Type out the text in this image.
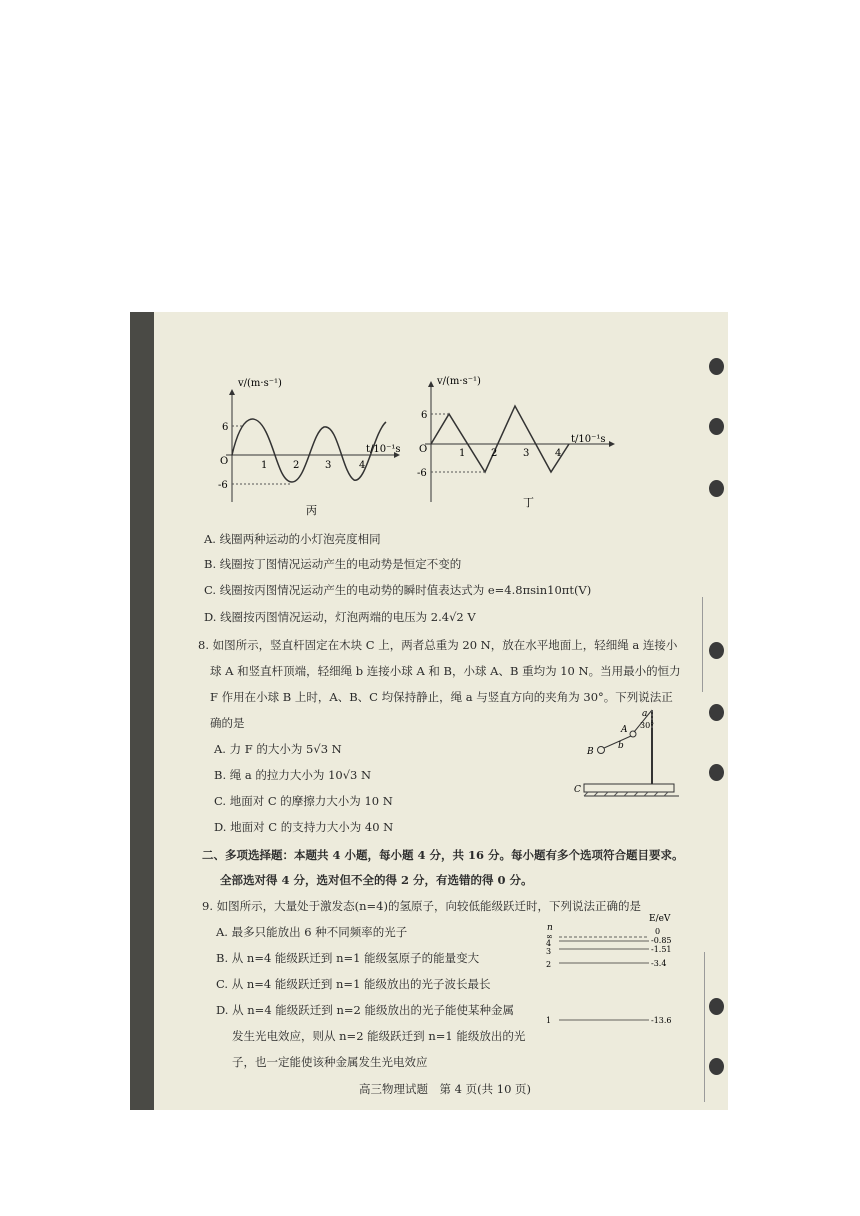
v/(m·s⁻¹)
t/10⁻¹s
O
6
-6
1	2	3	4
丙
v/(m·s⁻¹)
t/10⁻¹s
O
6
-6
1	2	3	4
丁
A. 线圈两种运动的小灯泡亮度相同
B. 线圈按丁图情况运动产生的电动势是恒定不变的
C. 线圈按丙图情况运动产生的电动势的瞬时值表达式为 e=4.8πsin10πt(V)
D. 线圈按丙图情况运动，灯泡两端的电压为 2.4√2 V
8. 如图所示，竖直杆固定在木块 C 上，两者总重为 20 N，放在水平地面上，轻细绳 a 连接小
球 A 和竖直杆顶端，轻细绳 b 连接小球 A 和 B，小球 A、B 重均为 10 N。当用最小的恒力
F 作用在小球 B 上时，A、B、C 均保持静止，绳 a 与竖直方向的夹角为 30°。下列说法正
确的是
A. 力 F 的大小为 5√3 N
B. 绳 a 的拉力大小为 10√3 N
C. 地面对 C 的摩擦力大小为 10 N
D. 地面对 C 的支持力大小为 40 N
a
A 30°
b
B
C
二、多项选择题：本题共 4 小题，每小题 4 分，共 16 分。每小题有多个选项符合题目要求。
全部选对得 4 分，选对但不全的得 2 分，有选错的得 0 分。
9. 如图所示，大量处于激发态(n=4)的氢原子，向较低能级跃迁时，下列说法正确的是
A. 最多只能放出 6 种不同频率的光子
B. 从 n=4 能级跃迁到 n=1 能级氢原子的能量变大
C. 从 n=4 能级跃迁到 n=1 能级放出的光子波长最长
D. 从 n=4 能级跃迁到 n=2 能级放出的光子能使某种金属
发生光电效应，则从 n=2 能级跃迁到 n=1 能级放出的光
子，也一定能使该种金属发生光电效应
n
E/eV
∞
4
3
2
1
0
-0.85
-1.51
-3.4
-13.6
高三物理试题　第 4 页(共 10 页)
